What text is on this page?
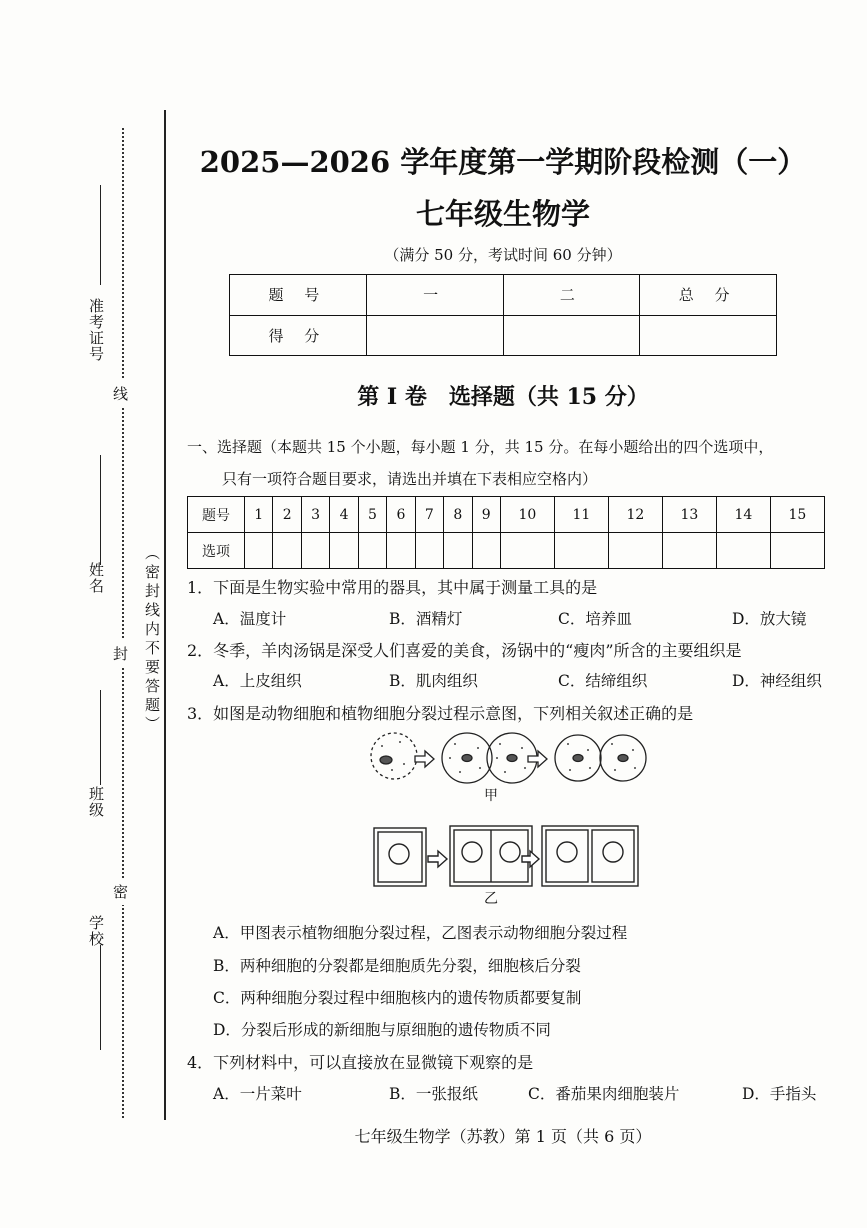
准考证号
姓名
班级
学校
线
封
密
（密封线内不要答题）
2025—2026 学年度第一学期阶段检测（一）
七年级生物学
（满分 50 分，考试时间 60 分钟）
题 号	一	二	总 分
得 分			
第 Ⅰ 卷　选择题（共 15 分）
一、选择题（本题共 15 个小题，每小题 1 分，共 15 分。在每小题给出的四个选项中，
只有一项符合题目要求，请选出并填在下表相应空格内）
题号	1	2	3	4	5	6	7	8	9	10	11	12	13	14	15
选项															
1．下面是生物实验中常用的器具，其中属于测量工具的是
A．温度计	B．酒精灯	C．培养皿	D．放大镜
2．冬季，羊肉汤锅是深受人们喜爱的美食，汤锅中的“瘦肉”所含的主要组织是
A．上皮组织	B．肌肉组织	C．结缔组织	D．神经组织
3．如图是动物细胞和植物细胞分裂过程示意图，下列相关叙述正确的是
甲
乙
A．甲图表示植物细胞分裂过程，乙图表示动物细胞分裂过程
B．两种细胞的分裂都是细胞质先分裂，细胞核后分裂
C．两种细胞分裂过程中细胞核内的遗传物质都要复制
D．分裂后形成的新细胞与原细胞的遗传物质不同
4．下列材料中，可以直接放在显微镜下观察的是
A．一片菜叶	B．一张报纸	C．番茄果肉细胞装片	D．手指头
七年级生物学（苏教）第 1 页（共 6 页）
